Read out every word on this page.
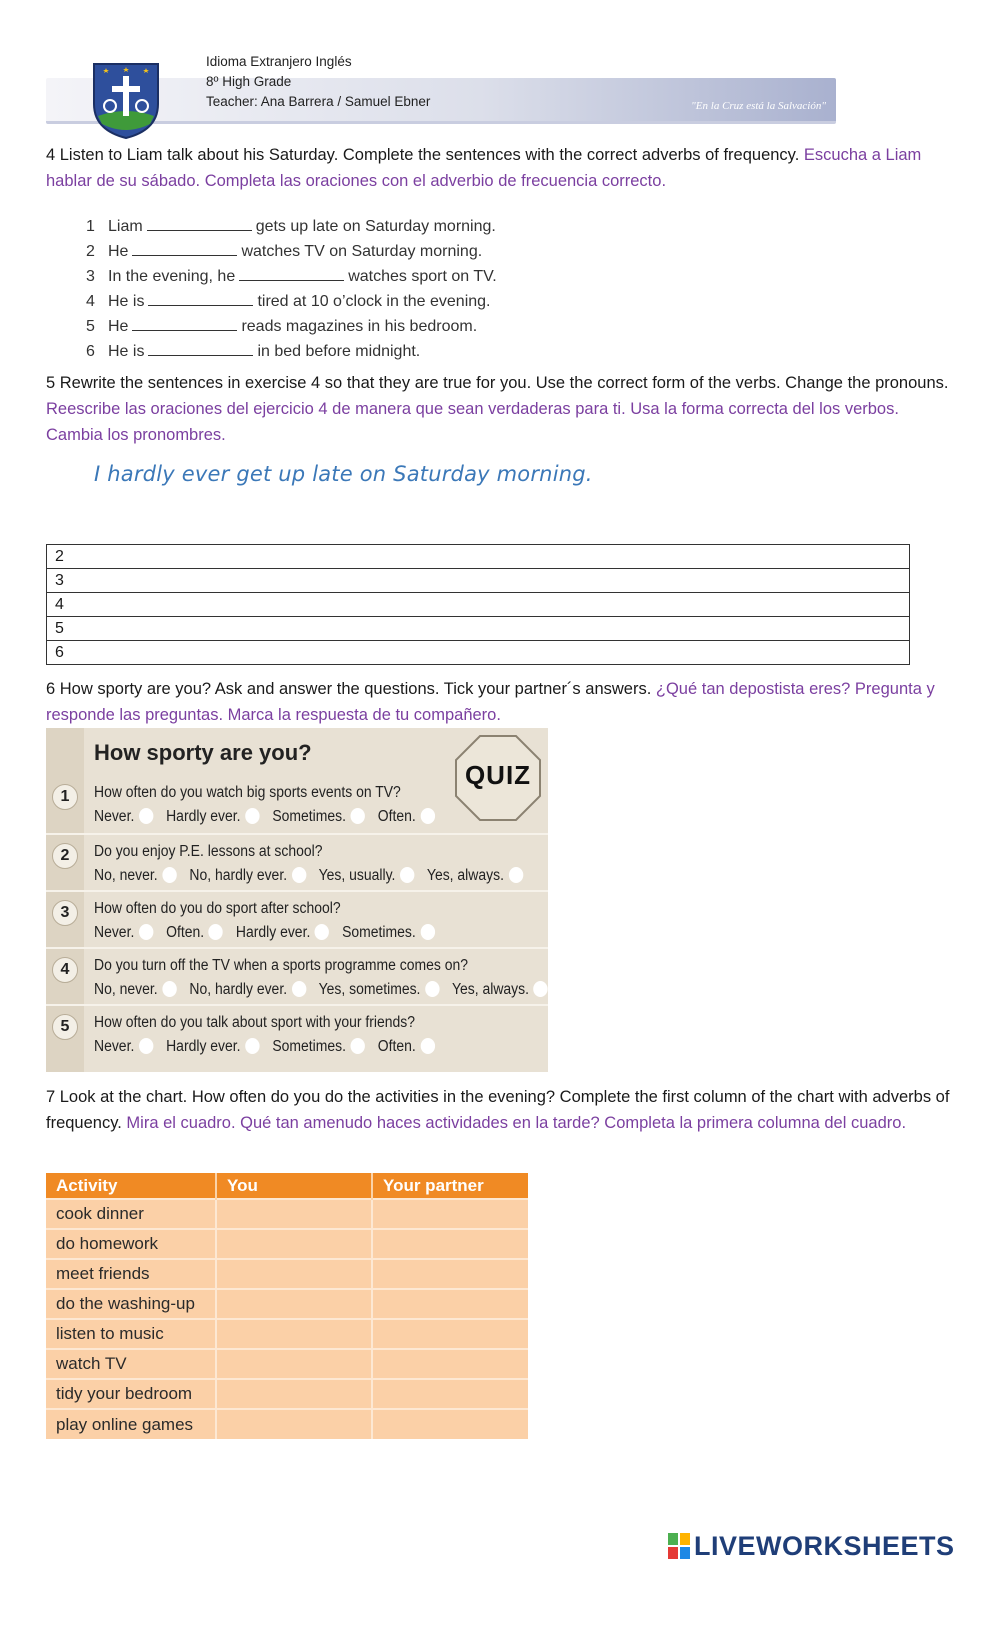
"En la Cruz está la Salvación"
Idioma Extranjero Inglés
8º High Grade
Teacher: Ana Barrera / Samuel Ebner
4 Listen to Liam talk about his Saturday. Complete the sentences with the correct adverbs of frequency. Escucha a Liam hablar de su sábado. Completa las oraciones con el adverbio de frecuencia correcto.
1 Liam	gets up late on Saturday morning.
2 He	watches TV on Saturday morning.
3 In the evening, he	watches sport on TV.
4 He is	tired at 10 o’clock in the evening.
5 He	reads magazines in his bedroom.
6 He is	in bed before midnight.
5 Rewrite the sentences in exercise 4 so that they are true for you. Use the correct form of the verbs. Change the pronouns. Reescribe las oraciones del ejercicio 4 de manera que sean verdaderas para ti. Usa la forma correcta del los verbos. Cambia los pronombres.
I hardly ever get up late on Saturday morning.
2
3
4
5
6
6 How sporty are you? Ask and answer the questions. Tick your partner´s answers. ¿Qué tan depostista eres? Pregunta y responde las preguntas. Marca la respuesta de tu compañero.
How sporty are you?
QUIZ
1	How often do you watch big sports events on TV?
Never. Hardly ever. Sometimes. Often.
2	Do you enjoy P.E. lessons at school?
No, never. No, hardly ever. Yes, usually. Yes, always.
3	How often do you do sport after school?
Never. Often. Hardly ever. Sometimes.
4	Do you turn off the TV when a sports programme comes on?
No, never. No, hardly ever. Yes, sometimes. Yes, always.
5	How often do you talk about sport with your friends?
Never. Hardly ever. Sometimes. Often.
7 Look at the chart. How often do you do the activities in the evening? Complete the first column of the chart with adverbs of frequency. Mira el cuadro. Qué tan amenudo haces actividades en la tarde? Completa la primera columna del cuadro.
Activity	You	Your partner
cook dinner		
do homework		
meet friends		
do the washing-up		
listen to music		
watch TV		
tidy your bedroom		
play online games		
LIVEWORKSHEETS
